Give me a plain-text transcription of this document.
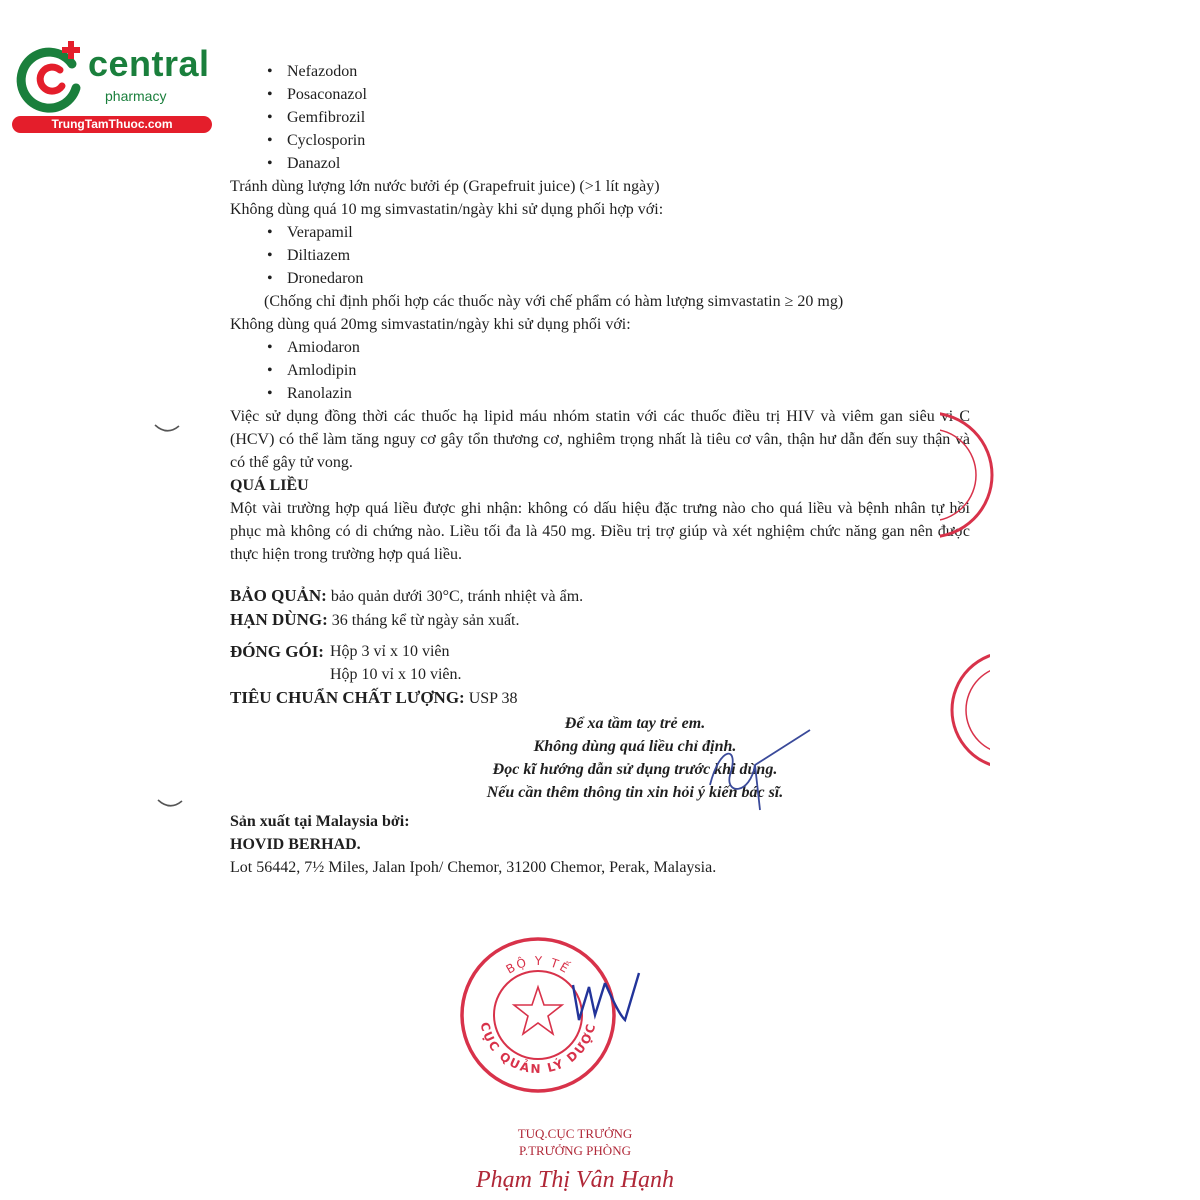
central
pharmacy
TrungTamThuoc.com
• Nefazodon
• Posaconazol
• Gemfibrozil
• Cyclosporin
• Danazol

Tránh dùng lượng lớn nước bưởi ép (Grapefruit juice) (>1 lít ngày)

Không dùng quá 10 mg simvastatin/ngày khi sử dụng phối hợp với:

• Verapamil
• Diltiazem
• Dronedaron

(Chống chỉ định phối hợp các thuốc này với chế phẩm có hàm lượng simvastatin ≥ 20 mg)

Không dùng quá 20mg simvastatin/ngày khi sử dụng phối với:

• Amiodaron
• Amlodipin
• Ranolazin

Việc sử dụng đồng thời các thuốc hạ lipid máu nhóm statin với các thuốc điều trị HIV và viêm gan siêu vi C (HCV) có thể làm tăng nguy cơ gây tổn thương cơ, nghiêm trọng nhất là tiêu cơ vân, thận hư dẫn đến suy thận và có thể gây tử vong.

QUÁ LIỀU

Một vài trường hợp quá liều được ghi nhận: không có dấu hiệu đặc trưng nào cho quá liều và bệnh nhân tự hồi phục mà không có di chứng nào. Liều tối đa là 450 mg. Điều trị trợ giúp và xét nghiệm chức năng gan nên được thực hiện trong trường hợp quá liều.

BẢO QUẢN: bảo quản dưới 30°C, tránh nhiệt và ẩm.

HẠN DÙNG: 36 tháng kể từ ngày sản xuất.

ĐÓNG GÓI: Hộp 3 vỉ x 10 viên
Hộp 10 vỉ x 10 viên.

TIÊU CHUẨN CHẤT LƯỢNG: USP 38

Để xa tầm tay trẻ em.

Không dùng quá liều chỉ định.

Đọc kĩ hướng dẫn sử dụng trước khi dùng.

Nếu cần thêm thông tin xin hỏi ý kiến bác sĩ.

Sản xuất tại Malaysia bởi:

HOVID BERHAD.

Lot 56442, 7½ Miles, Jalan Ipoh/ Chemor, 31200 Chemor, Perak, Malaysia.

BỘ Y TẾ
CỤC QUẢN LÝ DƯỢC
TUQ.CỤC TRƯỞNG
P.TRƯỞNG PHÒNG
Phạm Thị Vân Hạnh
